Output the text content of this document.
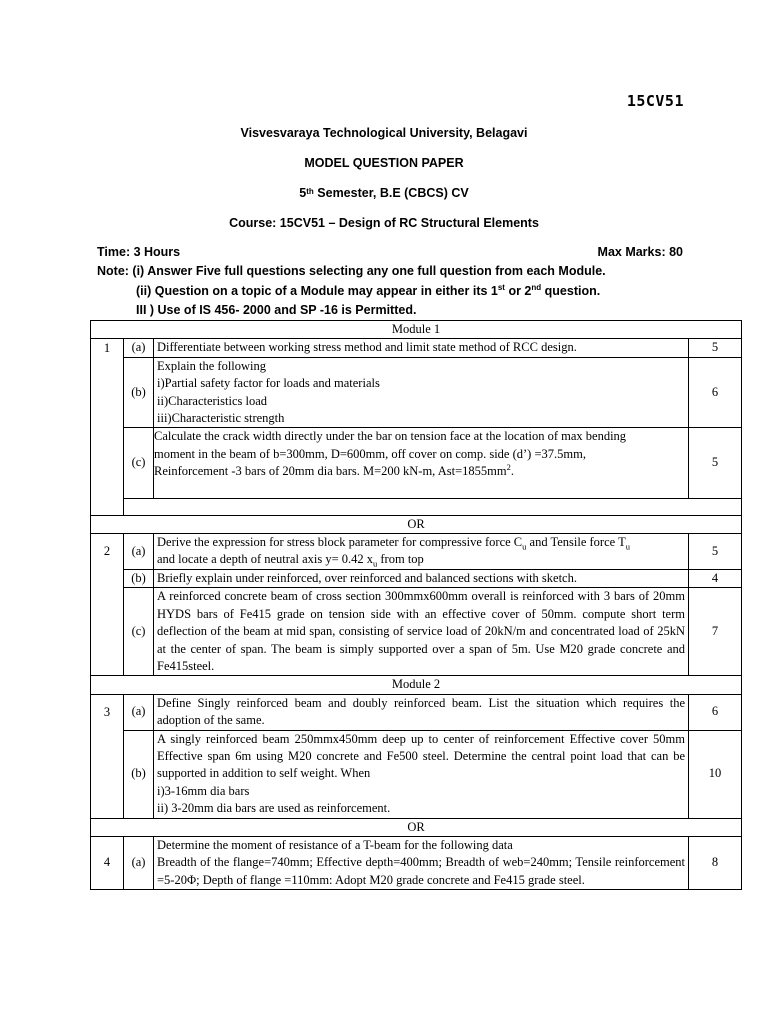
15CV51
Visvesvaraya Technological University, Belagavi
MODEL QUESTION PAPER
5th Semester, B.E (CBCS) CV
Course: 15CV51 – Design of RC Structural Elements
Time: 3 Hours	Max Marks: 80
Note: (i) Answer Five full questions selecting any one full question from each Module.
(ii) Question on a topic of a Module may appear in either its 1st or 2nd question.
III ) Use of IS 456- 2000 and SP -16 is Permitted.
Module 1			
1	(a)	Differentiate between working stress method and limit state method of RCC design.	5
	(b)	Explain the following
i)Partial safety factor for loads and materials
ii)Characteristics load
iii)Characteristic strength	6
	(c)	Calculate the crack width directly under the bar on tension face at the location of max bending
moment in the beam of b=300mm, D=600mm, off cover on comp. side (d’) =37.5mm,
Reinforcement -3 bars of 20mm dia bars. M=200 kN-m, $Ast=1855mm^2$.	5

OR			
2	(a)	Derive the expression for stress block parameter for compressive force $C_u$ and Tensile force $T_u$
and locate a depth of neutral axis y= 0.42 $x_u$ from top	5
	(b)	Briefly explain under reinforced, over reinforced and balanced sections with sketch.	4
	(c)	A reinforced concrete beam of cross section 300mmx600mm overall is reinforced with 3 bars of 20mm HYDS bars of Fe415 grade on tension side with an effective cover of 50mm. compute short term deflection of the beam at mid span, consisting of service load of 20kN/m and concentrated load of 25kN at the center of span. The beam is simply supported over a span of 5m. Use M20 grade concrete and Fe415steel.	7
Module 2			
3	(a)	Define Singly reinforced beam and doubly reinforced beam. List the situation which requires the adoption of the same.	6
	(b)	A singly reinforced beam 250mmx450mm deep up to center of reinforcement Effective cover 50mm Effective span 6m using M20 concrete and Fe500 steel. Determine the central point load that can be supported in addition to self weight. When
i)3-16mm dia bars
ii) 3-20mm dia bars are used as reinforcement.	10
OR			
4	(a)	Determine the moment of resistance of a T-beam for the following data
Breadth of the flange=740mm; Effective depth=400mm; Breadth of web=240mm; Tensile reinforcement =5-20Φ; Depth of flange =110mm: Adopt M20 grade concrete and Fe415 grade steel.	8
